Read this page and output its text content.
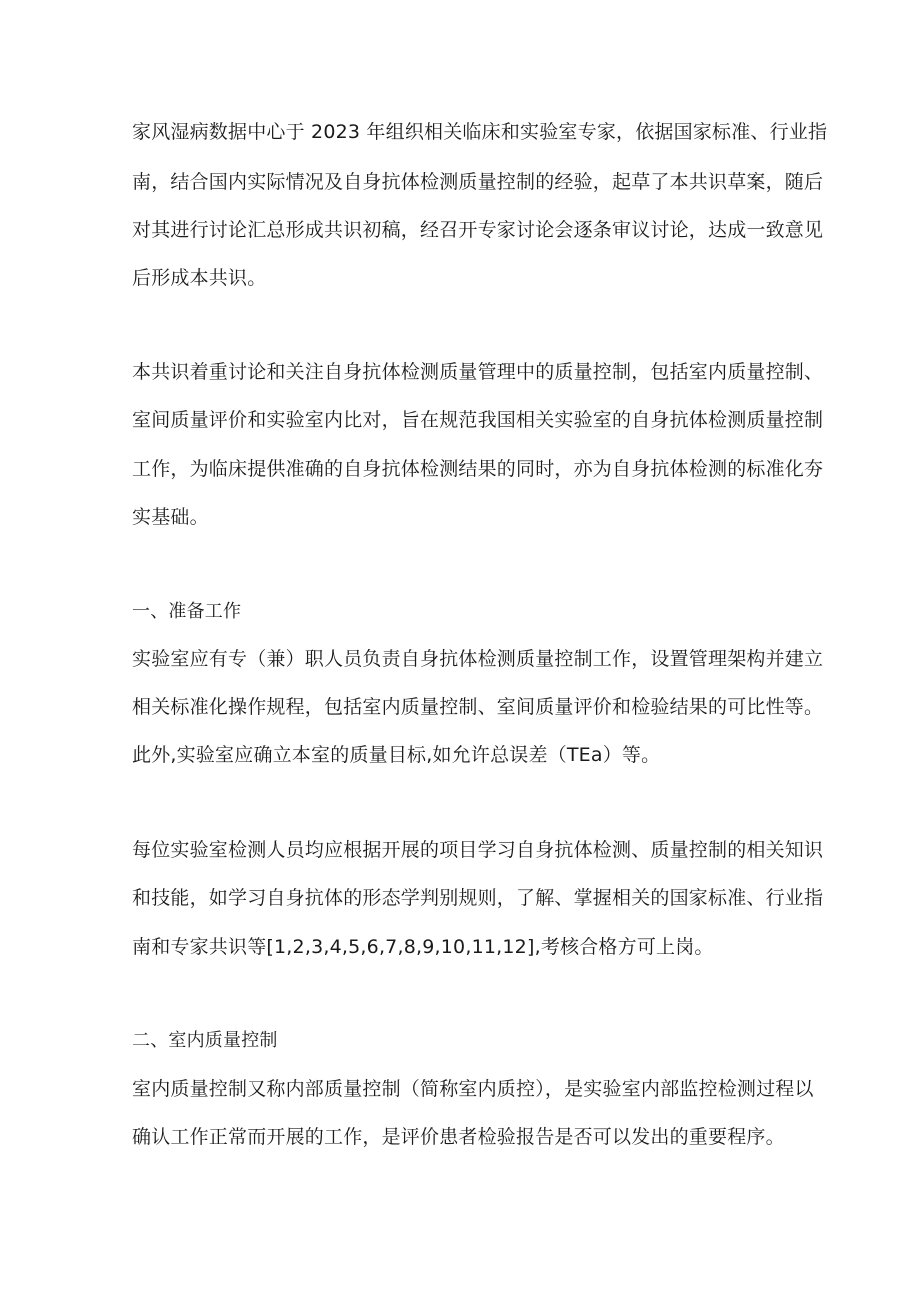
家风湿病数据中心于 2023 年组织相关临床和实验室专家，依据国家标准、行业指

南，结合国内实际情况及自身抗体检测质量控制的经验，起草了本共识草案，随后

对其进行讨论汇总形成共识初稿，经召开专家讨论会逐条审议讨论，达成一致意见

后形成本共识。

本共识着重讨论和关注自身抗体检测质量管理中的质量控制，包括室内质量控制、

室间质量评价和实验室内比对，旨在规范我国相关实验室的自身抗体检测质量控制

工作，为临床提供准确的自身抗体检测结果的同时，亦为自身抗体检测的标准化夯

实基础。

一、准备工作

实验室应有专（兼）职人员负责自身抗体检测质量控制工作，设置管理架构并建立

相关标准化操作规程，包括室内质量控制、室间质量评价和检验结果的可比性等。

此外,实验室应确立本室的质量目标,如允许总误差（TEa）等。

每位实验室检测人员均应根据开展的项目学习自身抗体检测、质量控制的相关知识

和技能，如学习自身抗体的形态学判别规则，了解、掌握相关的国家标准、行业指

南和专家共识等[1,2,3,4,5,6,7,8,9,10,11,12],考核合格方可上岗。

二、室内质量控制

室内质量控制又称内部质量控制（简称室内质控），是实验室内部监控检测过程以

确认工作正常而开展的工作，是评价患者检验报告是否可以发出的重要程序。
